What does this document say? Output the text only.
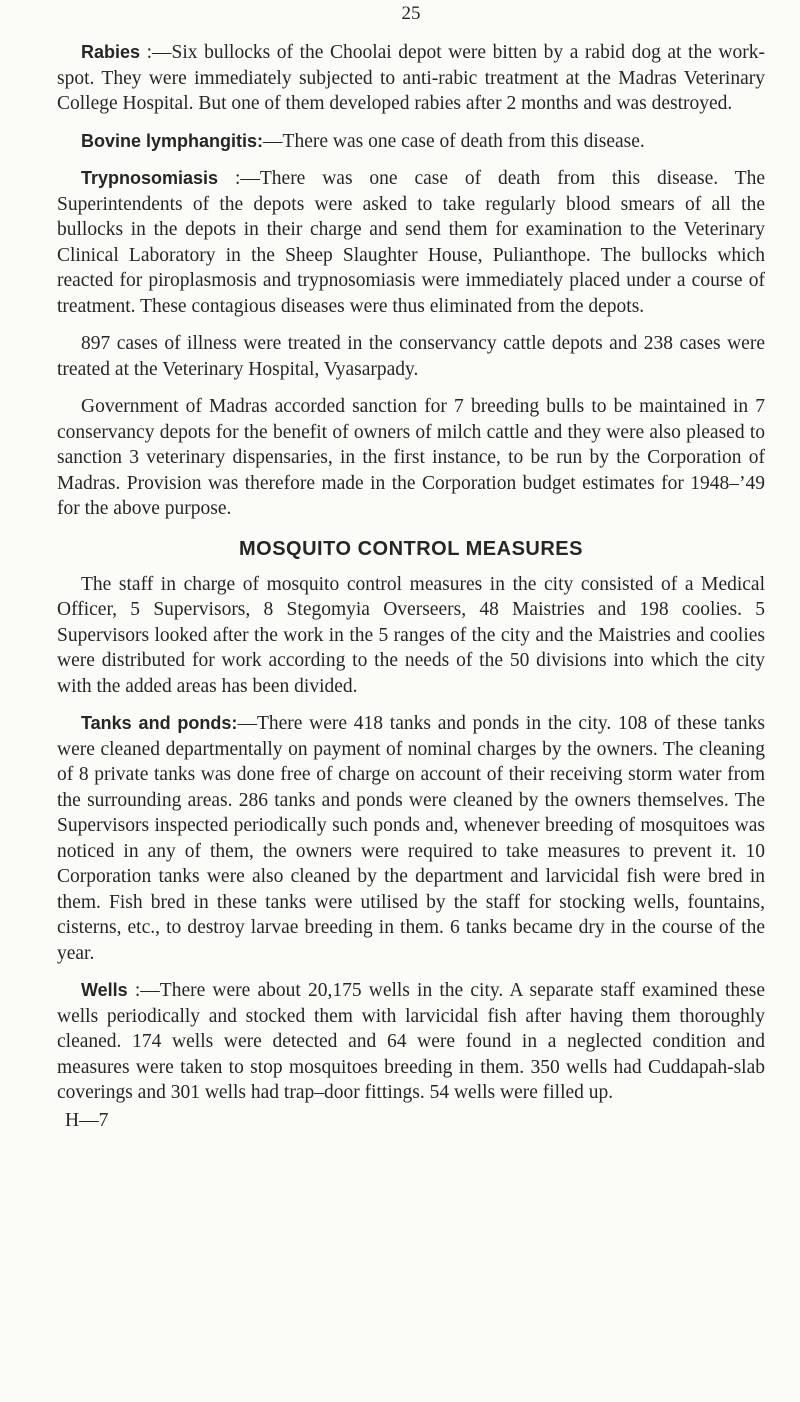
25

Rabies :—Six bullocks of the Choolai depot were bitten by a rabid dog at the work-spot. They were immediately subjected to anti-rabic treatment at the Madras Veterinary College Hospital. But one of them developed rabies after 2 months and was destroyed.

Bovine lymphangitis:—There was one case of death from this disease.

Trypnosomiasis :—There was one case of death from this disease. The Superintendents of the depots were asked to take regularly blood smears of all the bullocks in the depots in their charge and send them for examination to the Veterinary Clinical Laboratory in the Sheep Slaughter House, Pulianthope. The bullocks which reacted for piroplasmosis and trypnosomiasis were immediately placed under a course of treatment. These contagious diseases were thus eliminated from the depots.

897 cases of illness were treated in the conservancy cattle depots and 238 cases were treated at the Veterinary Hospital, Vyasarpady.

Government of Madras accorded sanction for 7 breeding bulls to be maintained in 7 conservancy depots for the benefit of owners of milch cattle and they were also pleased to sanction 3 veterinary dispensaries, in the first instance, to be run by the Corporation of Madras. Provision was therefore made in the Corporation budget estimates for 1948–’49 for the above purpose.

MOSQUITO CONTROL MEASURES

The staff in charge of mosquito control measures in the city consisted of a Medical Officer, 5 Supervisors, 8 Stegomyia Overseers, 48 Maistries and 198 coolies. 5 Supervisors looked after the work in the 5 ranges of the city and the Maistries and coolies were distributed for work according to the needs of the 50 divisions into which the city with the added areas has been divided.

Tanks and ponds:—There were 418 tanks and ponds in the city. 108 of these tanks were cleaned departmentally on payment of nominal charges by the owners. The cleaning of 8 private tanks was done free of charge on account of their receiving storm water from the surrounding areas. 286 tanks and ponds were cleaned by the owners themselves. The Supervisors inspected periodically such ponds and, whenever breeding of mosquitoes was noticed in any of them, the owners were required to take measures to prevent it. 10 Corporation tanks were also cleaned by the department and larvicidal fish were bred in them. Fish bred in these tanks were utilised by the staff for stocking wells, fountains, cisterns, etc., to destroy larvae breeding in them. 6 tanks became dry in the course of the year.

Wells :—There were about 20,175 wells in the city. A separate staff examined these wells periodically and stocked them with larvicidal fish after having them thoroughly cleaned. 174 wells were detected and 64 were found in a neglected condition and measures were taken to stop mosquitoes breeding in them. 350 wells had Cuddapah-slab coverings and 301 wells had trap–door fittings. 54 wells were filled up.

H—7
